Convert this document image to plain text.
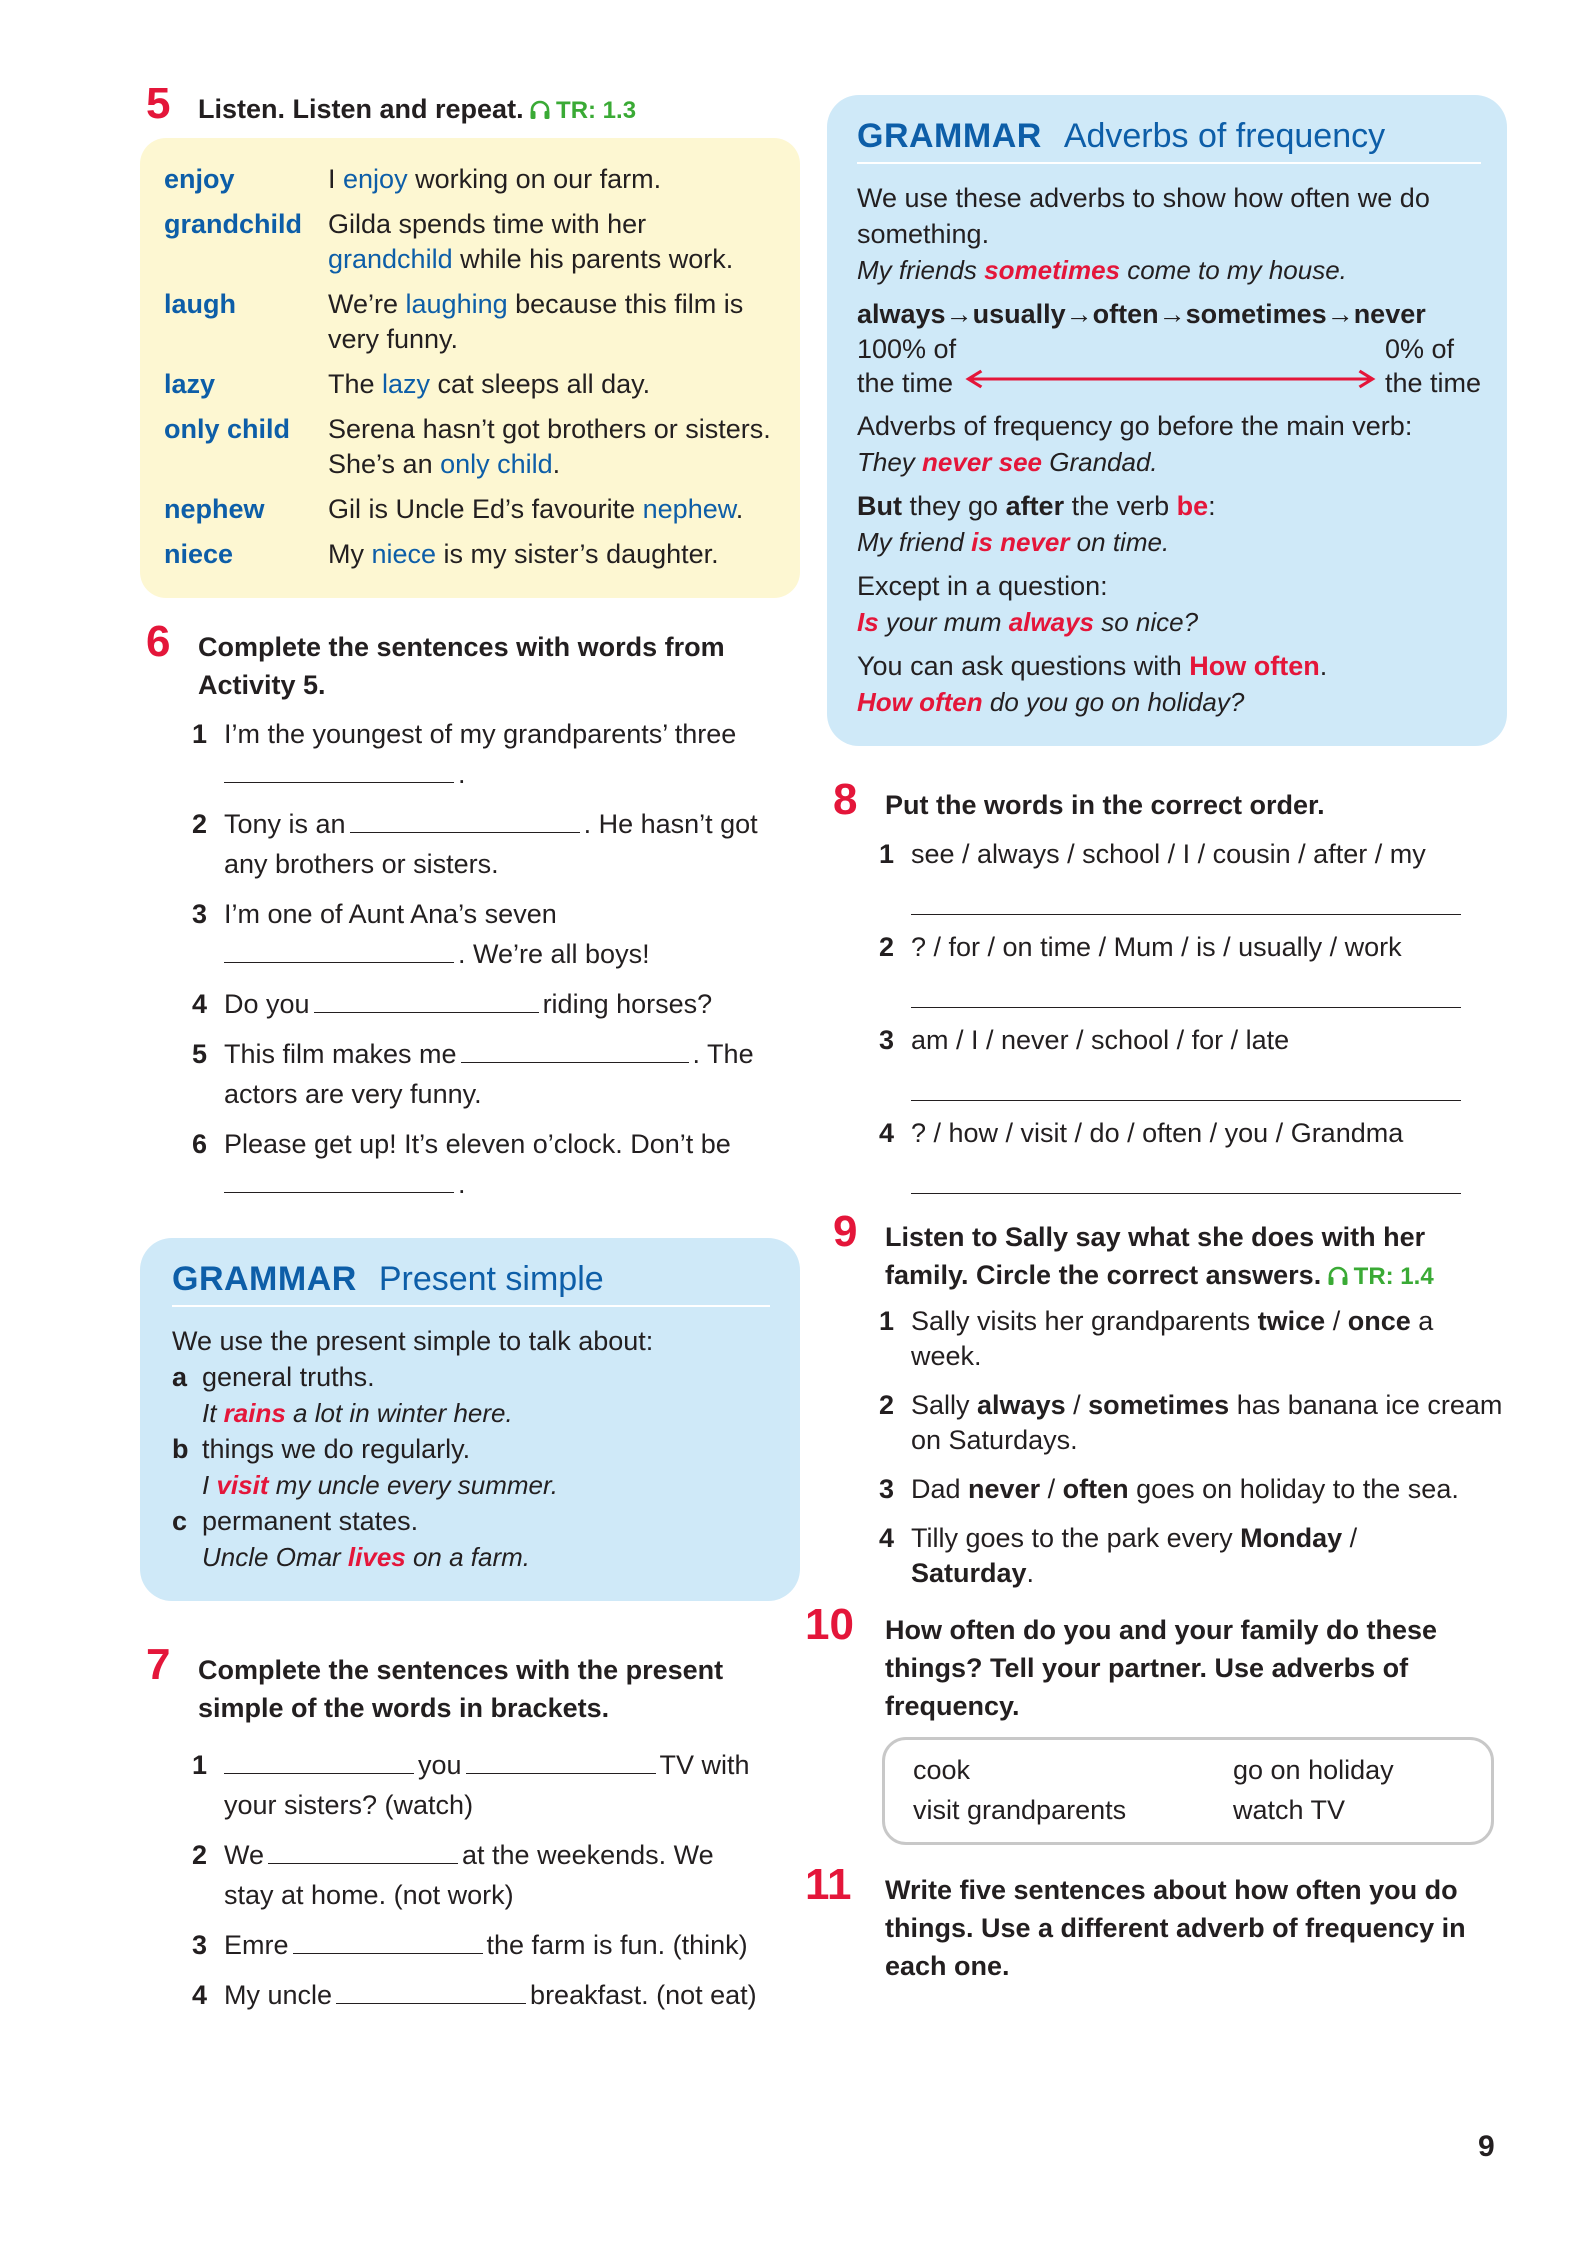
5 Listen. Listen and repeat. TR: 1.3
enjoy	I enjoy working on our farm.
grandchild Gilda spends time with her grandchild while his parents work.
laugh	We’re laughing because this film is very funny.
lazy	The lazy cat sleeps all day.
only child	Serena hasn’t got brothers or sisters. She’s an only child.
nephew	Gil is Uncle Ed’s favourite nephew.
niece	My niece is my sister’s daughter.
6 Complete the sentences with words from Activity 5.
1 I’m the youngest of my grandparents’ three
.
2 Tony is an	. He hasn’t got any brothers or sisters.
3 I’m one of Aunt Ana’s seven
. We’re all boys!
4 Do you	riding horses?
5 This film makes me	. The actors are very funny.
6 Please get up! It’s eleven o’clock. Don’t be
.
GRAMMAR Present simple
We use the present simple to talk about:
a general truths.
It rains a lot in winter here.
b things we do regularly.
I visit my uncle every summer.
c permanent states.
Uncle Omar lives on a farm.
7 Complete the sentences with the present simple of the words in brackets.
1	you	TV with
your sisters? (watch)
2 We	at the weekends. We
stay at home. (not work)
3 Emre	the farm is fun. (think)
4 My uncle	breakfast. (not eat)
GRAMMAR Adverbs of frequency
We use these adverbs to show how often we do something.
My friends sometimes come to my house.
always→usually→often→sometimes→never
100% of
the time
0% of
the time
Adverbs of frequency go before the main verb:
They never see Grandad.
But they go after the verb be:
My friend is never on time.
Except in a question:
Is your mum always so nice?
You can ask questions with How often.
How often do you go on holiday?
8 Put the words in the correct order.
1 see / always / school / I / cousin / after / my
2 ? / for / on time / Mum / is / usually / work
3 am / I / never / school / for / late
4 ? / how / visit / do / often / you / Grandma
9 Listen to Sally say what she does with her family. Circle the correct answers. TR: 1.4
1 Sally visits her grandparents twice / once a week.
2 Sally always / sometimes has banana ice cream on Saturdays.
3 Dad never / often goes on holiday to the sea.
4 Tilly goes to the park every Monday /
Saturday.
10 How often do you and your family do these things? Tell your partner. Use adverbs of frequency.
cook	go on holiday
visit grandparents	watch TV
11 Write five sentences about how often you do things. Use a different adverb of frequency in each one.
9
